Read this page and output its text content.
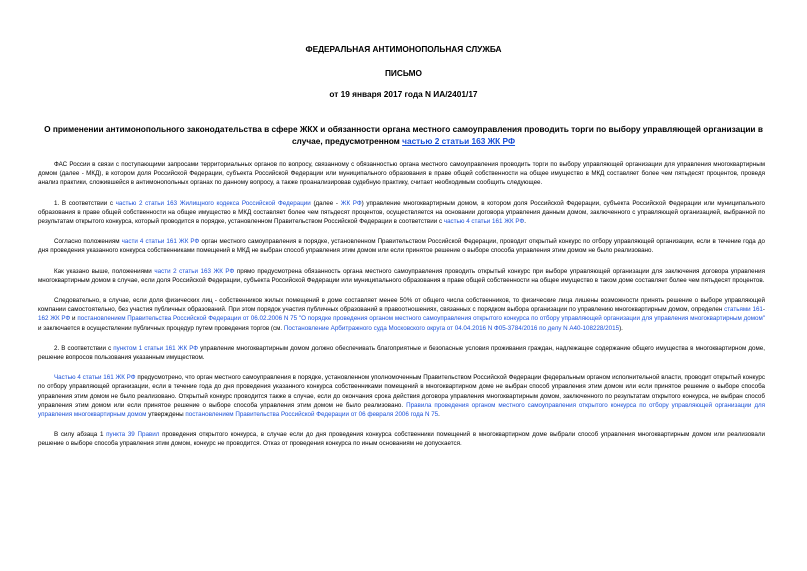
ФЕДЕРАЛЬНАЯ АНТИМОНОПОЛЬНАЯ СЛУЖБА
ПИСЬМО
от 19 января 2017 года N ИА/2401/17
О применении антимонопольного законодательства в сфере ЖКХ и обязанности органа местного самоуправления проводить торги по выбору управляющей организации в случае, предусмотренном частью 2 статьи 163 ЖК РФ

ФАС России в связи с поступающими запросами территориальных органов по вопросу, связанному с обязанностью органа местного самоуправления проводить торги по выбору управляющей организации для управления многоквартирным домом (далее - МКД), в котором доля Российской Федерации, субъекта Российской Федерации или муниципального образования в праве общей собственности на общее имущество в МКД составляет более чем пятьдесят процентов, проведя анализ практики, сложившейся в антимонопольных органах по данному вопросу, а также проанализировав судебную практику, считает необходимым сообщить следующее.

1. В соответствии с частью 2 статьи 163 Жилищного кодекса Российской Федерации (далее - ЖК РФ) управление многоквартирным домом, в котором доля Российской Федерации, субъекта Российской Федерации или муниципального образования в праве общей собственности на общее имущество в МКД составляет более чем пятьдесят процентов, осуществляется на основании договора управления данным домом, заключенного с управляющей организацией, выбранной по результатам открытого конкурса, который проводится в порядке, установленном Правительством Российской Федерации в соответствии с частью 4 статьи 161 ЖК РФ.

Согласно положениям части 4 статьи 161 ЖК РФ орган местного самоуправления в порядке, установленном Правительством Российской Федерации, проводит открытый конкурс по отбору управляющей организации, если в течение года до дня проведения указанного конкурса собственниками помещений в МКД не выбран способ управления этим домом или если принятое решение о выборе способа управления этим домом не было реализовано.

Как указано выше, положениями части 2 статьи 163 ЖК РФ прямо предусмотрена обязанность органа местного самоуправления проводить открытый конкурс при выборе управляющей организации для заключения договора управления многоквартирным домом в случае, если доля Российской Федерации, субъекта Российской Федерации или муниципального образования в праве общей собственности на общее имущество в таком доме составляет более чем пятьдесят процентов.

Следовательно, в случае, если доля физических лиц - собственников жилых помещений в доме составляет менее 50% от общего числа собственников, то физические лица лишены возможности принять решение о выборе управляющей компании самостоятельно, без участия публичных образований. При этом порядок участия публичных образований в правоотношениях, связанных с порядком выбора организации по управлению многоквартирным домом, определен статьями 161-162 ЖК РФ и постановлением Правительства Российской Федерации от 06.02.2006 N 75 "О порядке проведения органом местного самоуправления открытого конкурса по отбору управляющей организации для управления многоквартирным домом" и заключается в осуществлении публичных процедур путем проведения торгов (см. Постановление Арбитражного суда Московского округа от 04.04.2016 N Ф05-3784/2016 по делу N А40-108228/2015).

2. В соответствии с пунктом 1 статьи 161 ЖК РФ управление многоквартирным домом должно обеспечивать благоприятные и безопасные условия проживания граждан, надлежащее содержание общего имущества в многоквартирном доме, решение вопросов пользования указанным имуществом.

Частью 4 статьи 161 ЖК РФ предусмотрено, что орган местного самоуправления в порядке, установленном уполномоченным Правительством Российской Федерации федеральным органом исполнительной власти, проводит открытый конкурс по отбору управляющей организации, если в течение года до дня проведения указанного конкурса собственниками помещений в многоквартирном доме не выбран способ управления этим домом или если принятое решение о выборе способа управления этим домом не было реализовано. Открытый конкурс проводится также в случае, если до окончания срока действия договора управления многоквартирным домом, заключенного по результатам открытого конкурса, не выбран способ управления этим домом или если принятое решение о выборе способа управления этим домом не было реализовано. Правила проведения органом местного самоуправления открытого конкурса по отбору управляющей организации для управления многоквартирным домом утверждены постановлением Правительства Российской Федерации от 06 февраля 2006 года N 75.

В силу абзаца 1 пункта 39 Правил проведения открытого конкурса, в случае если до дня проведения конкурса собственники помещений в многоквартирном доме выбрали способ управления многоквартирным домом или реализовали решение о выборе способа управления этим домом, конкурс не проводится. Отказ от проведения конкурса по иным основаниям не допускается.
